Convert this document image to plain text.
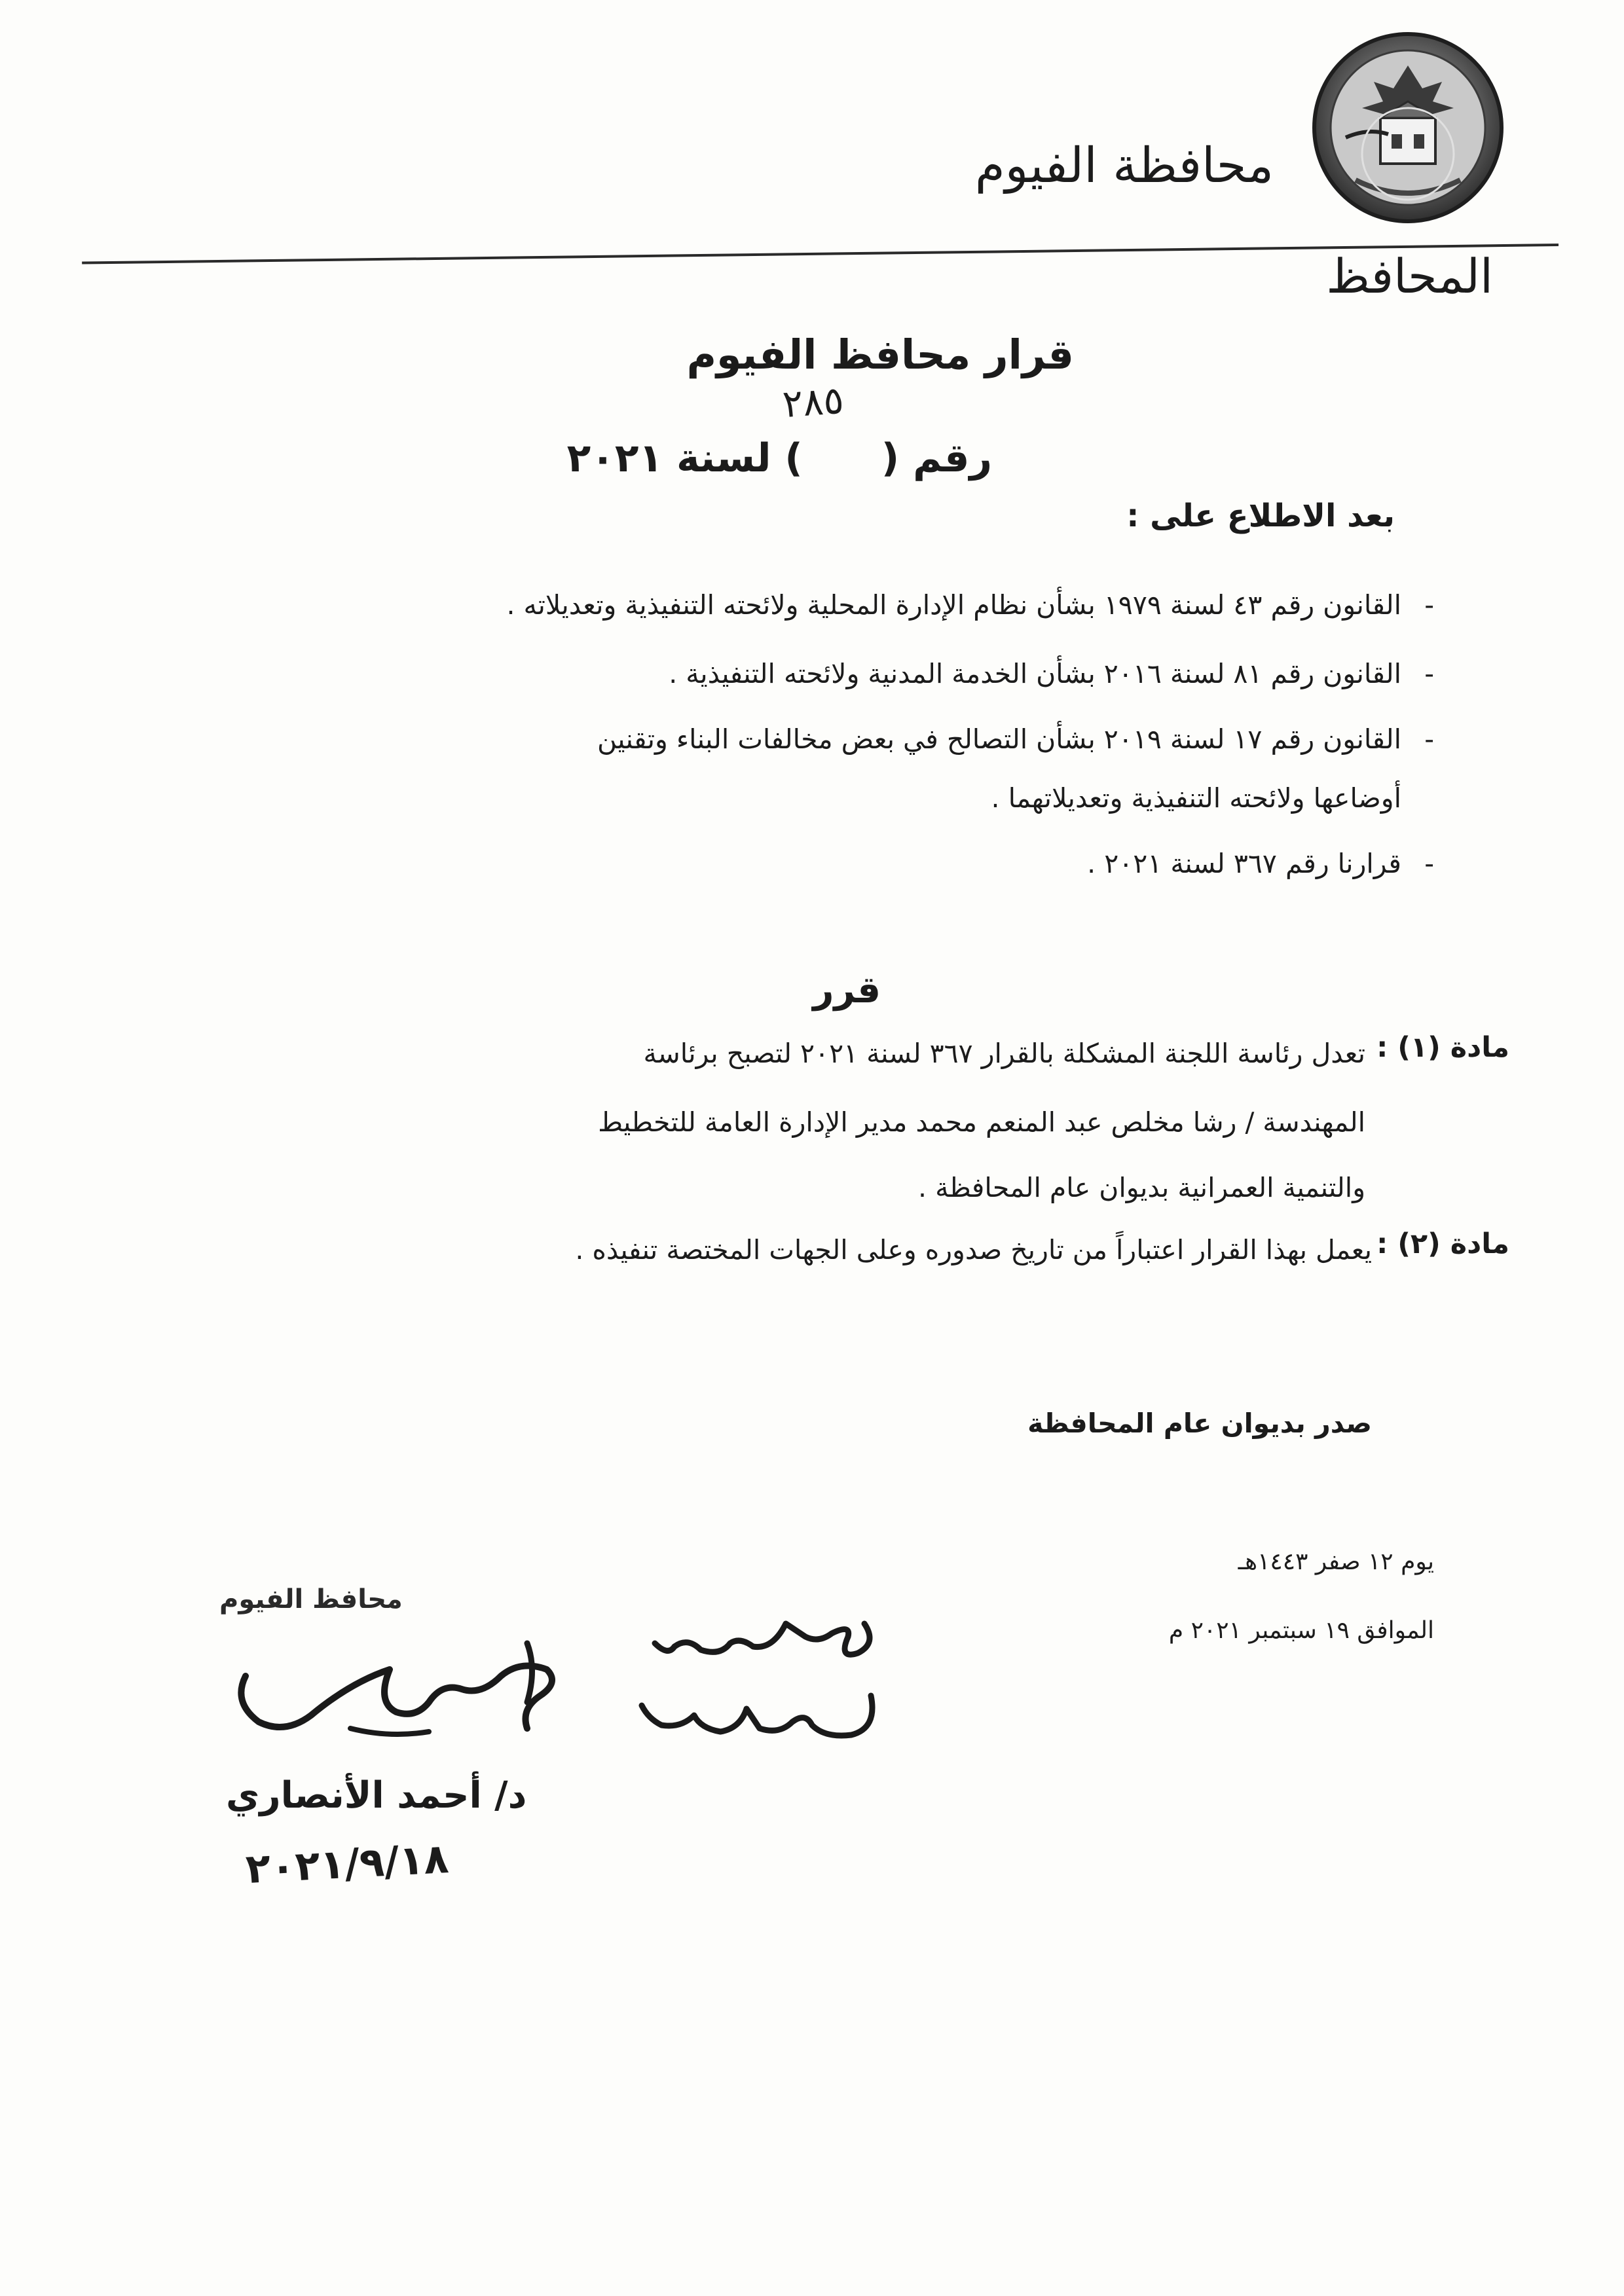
محافظة الفيوم
المحافظ
قرار محافظ الفيوم
٢٨٥
رقم () لسنة ٢٠٢١
بعد الاطلاع على :
-القانون رقم ٤٣ لسنة ١٩٧٩ بشأن نظام الإدارة المحلية ولائحته التنفيذية وتعديلاته .
-القانون رقم ٨١ لسنة ٢٠١٦ بشأن الخدمة المدنية ولائحته التنفيذية .
-القانون رقم ١٧ لسنة ٢٠١٩ بشأن التصالح في بعض مخالفات البناء وتقنين
أوضاعها ولائحته التنفيذية وتعديلاتهما .
-قرارنا رقم ٣٦٧ لسنة ٢٠٢١ .
قرر
مادة (١) :
تعدل رئاسة اللجنة المشكلة بالقرار ٣٦٧ لسنة ٢٠٢١ لتصبح برئاسة
المهندسة / رشا مخلص عبد المنعم محمد مدير الإدارة العامة للتخطيط
والتنمية العمرانية بديوان عام المحافظة .
مادة (٢) :
يعمل بهذا القرار اعتباراً من تاريخ صدوره وعلى الجهات المختصة تنفيذه .
صدر بديوان عام المحافظة
يوم ١٢ صفر ١٤٤٣هـ
الموافق ١٩ سبتمبر ٢٠٢١ م
محافظ الفيوم
د/ أحمد الأنصاري
٢٠٢١/٩/١٨
